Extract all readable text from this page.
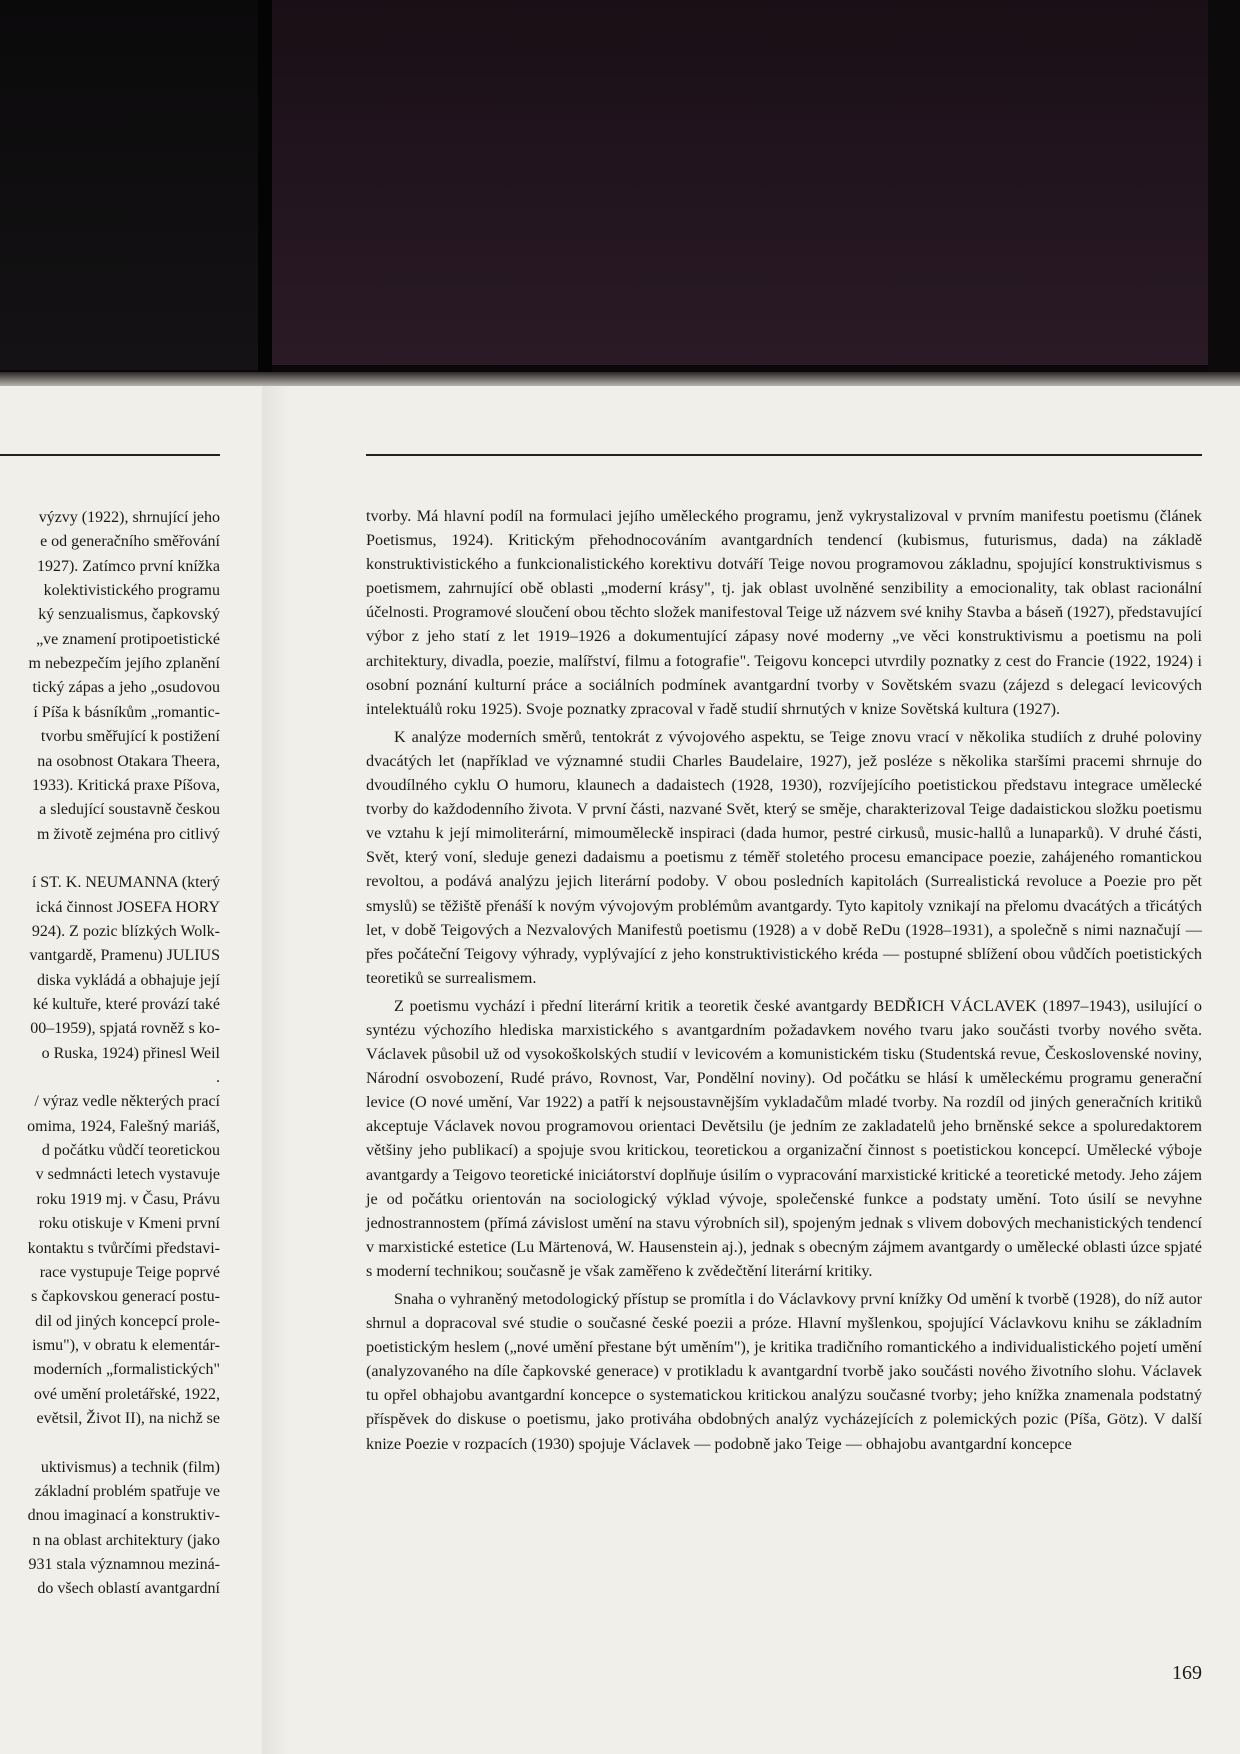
výzvy (1922), shrnující jeho
e od generačního směřování
1927). Zatímco první knížka
kolektivistického programu
ký senzualismus, čapkovský
„ve znamení protipoetistické
m nebezpečím jejího zplanění
tický zápas a jeho „osudovou
í Píša k básníkům „romantic-
tvorbu směřující k postižení
na osobnost Otakara Theera,
1933). Kritická praxe Píšova,
a sledující soustavně českou
m životě zejména pro citlivý
í ST. K. NEUMANNA (který
ická činnost JOSEFA HORY
924). Z pozic blízkých Wolk-
vantgardě, Pramenu) JULIUS
diska vykládá a obhajuje její
ké kultuře, které provází také
00–1959), spjatá rovněž s ko-
o Ruska, 1924) přinesl Weil
.
/ výraz vedle některých prací
omima, 1924, Falešný mariáš,
d počátku vůdčí teoretickou
v sedmnácti letech vystavuje
roku 1919 mj. v Času, Právu
roku otiskuje v Kmeni první
kontaktu s tvůrčími představi-
race vystupuje Teige poprvé
s čapkovskou generací postu-
dil od jiných koncepcí prole-
ismu"), v obratu k elementár-
moderních „formalistických"
ové umění proletářské, 1922,
evětsil, Život II), na nichž se
uktivismus) a technik (film)
základní problém spatřuje ve
dnou imaginací a konstruktiv-
n na oblast architektury (jako
931 stala významnou meziná-
do všech oblastí avantgardní

tvorby. Má hlavní podíl na formulaci jejího uměleckého programu, jenž vykrystalizoval v prvním manifestu poetismu (článek Poetismus, 1924). Kritickým přehodnocováním avantgardních tendencí (kubismus, futurismus, dada) na základě konstruktivistického a funkcionalistického korektivu dotváří Teige novou programovou základnu, spojující konstruktivismus s poetismem, zahrnující obě oblasti „moderní krásy", tj. jak oblast uvolněné senzibility a emocionality, tak oblast racionální účelnosti. Programové sloučení obou těchto složek manifestoval Teige už názvem své knihy Stavba a báseň (1927), představující výbor z jeho statí z let 1919–1926 a dokumentující zápasy nové moderny „ve věci konstruktivismu a poetismu na poli architektury, divadla, poezie, malířství, filmu a fotografie". Teigovu koncepci utvrdily poznatky z cest do Francie (1922, 1924) i osobní poznání kulturní práce a sociálních podmínek avantgardní tvorby v Sovětském svazu (zájezd s delegací levicových intelektuálů roku 1925). Svoje poznatky zpracoval v řadě studií shrnutých v knize Sovětská kultura (1927).

K analýze moderních směrů, tentokrát z vývojového aspektu, se Teige znovu vrací v několika studiích z druhé poloviny dvacátých let (například ve významné studii Charles Baudelaire, 1927), jež posléze s několika staršími pracemi shrnuje do dvoudílného cyklu O humoru, klaunech a dadaistech (1928, 1930), rozvíjejícího poetistickou představu integrace umělecké tvorby do každodenního života. V první části, nazvané Svět, který se směje, charakterizoval Teige dadaistickou složku poetismu ve vztahu k její mimoliterární, mimouměleckě inspiraci (dada humor, pestré cirkusů, music-hallů a lunaparků). V druhé části, Svět, který voní, sleduje genezi dadaismu a poetismu z téměř stoletého procesu emancipace poezie, zahájeného romantickou revoltou, a podává analýzu jejich literární podoby. V obou posledních kapitolách (Surrealistická revoluce a Poezie pro pět smyslů) se těžiště přenáší k novým vývojovým problémům avantgardy. Tyto kapitoly vznikají na přelomu dvacátých a třicátých let, v době Teigových a Nezvalových Manifestů poetismu (1928) a v době ReDu (1928–1931), a společně s nimi naznačují — přes počáteční Teigovy výhrady, vyplývající z jeho konstruktivistického kréda — postupné sblížení obou vůdčích poetistických teoretiků se surrealismem.

Z poetismu vychází i přední literární kritik a teoretik české avantgardy BEDŘICH VÁCLAVEK (1897–1943), usilující o syntézu výchozího hlediska marxistického s avantgardním požadavkem nového tvaru jako součásti tvorby nového světa. Václavek působil už od vysokoškolských studií v levicovém a komunistickém tisku (Studentská revue, Československé noviny, Národní osvobození, Rudé právo, Rovnost, Var, Pondělní noviny). Od počátku se hlásí k uměleckému programu generační levice (O nové umění, Var 1922) a patří k nejsoustavnějším vykladačům mladé tvorby. Na rozdíl od jiných generačních kritiků akceptuje Václavek novou programovou orientaci Devětsilu (je jedním ze zakladatelů jeho brněnské sekce a spoluredaktorem většiny jeho publikací) a spojuje svou kritickou, teoretickou a organizační činnost s poetistickou koncepcí. Umělecké výboje avantgardy a Teigovo teoretické iniciátorství doplňuje úsilím o vypracování marxistické kritické a teoretické metody. Jeho zájem je od počátku orientován na sociologický výklad vývoje, společenské funkce a podstaty umění. Toto úsilí se nevyhne jednostrannostem (přímá závislost umění na stavu výrobních sil), spojeným jednak s vlivem dobových mechanistických tendencí v marxistické estetice (Lu Märtenová, W. Hausenstein aj.), jednak s obecným zájmem avantgardy o umělecké oblasti úzce spjaté s moderní technikou; současně je však zaměřeno k zvědečtění literární kritiky.

Snaha o vyhraněný metodologický přístup se promítla i do Václavkovy první knížky Od umění k tvorbě (1928), do níž autor shrnul a dopracoval své studie o současné české poezii a próze. Hlavní myšlenkou, spojující Václavkovu knihu se základním poetistickým heslem („nové umění přestane být uměním"), je kritika tradičního romantického a individualistického pojetí umění (analyzovaného na díle čapkovské generace) v protikladu k avantgardní tvorbě jako součásti nového životního slohu. Václavek tu opřel obhajobu avantgardní koncepce o systematickou kritickou analýzu současné tvorby; jeho knížka znamenala podstatný příspěvek do diskuse o poetismu, jako protiváha obdobných analýz vycházejících z polemických pozic (Píša, Götz). V další knize Poezie v rozpacích (1930) spojuje Václavek — podobně jako Teige — obhajobu avantgardní koncepce

169
